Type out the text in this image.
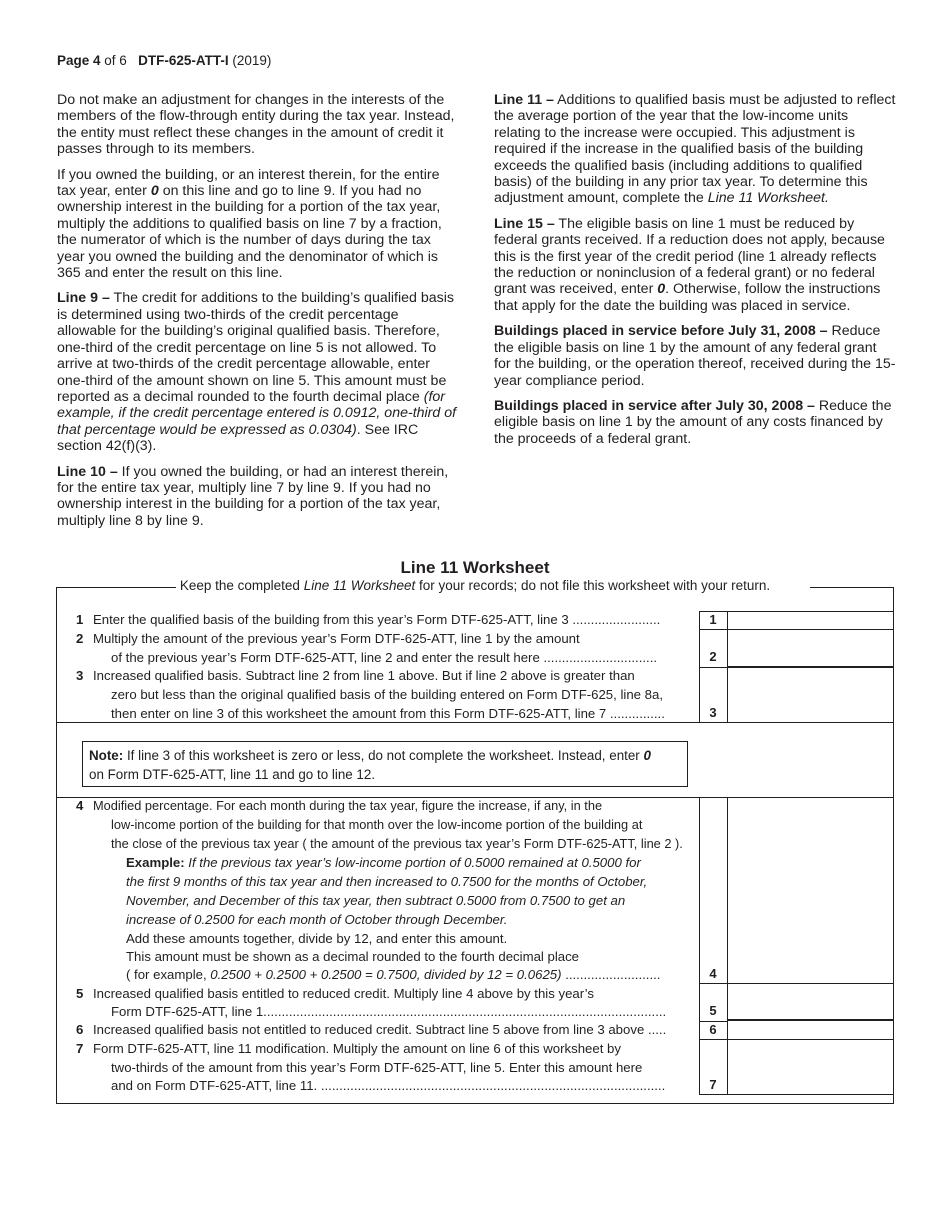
Page 4 of 6 DTF-625-ATT-I (2019)

Do not make an adjustment for changes in the interests of the members of the flow-through entity during the tax year. Instead, the entity must reflect these changes in the amount of credit it passes through to its members.

If you owned the building, or an interest therein, for the entire tax year, enter 0 on this line and go to line 9. If you had no ownership interest in the building for a portion of the tax year, multiply the additions to qualified basis on line 7 by a fraction, the numerator of which is the number of days during the tax year you owned the building and the denominator of which is 365 and enter the result on this line.

Line 9 – The credit for additions to the building’s qualified basis is determined using two-thirds of the credit percentage allowable for the building’s original qualified basis. Therefore, one-third of the credit percentage on line 5 is not allowed. To arrive at two-thirds of the credit percentage allowable, enter one-third of the amount shown on line 5. This amount must be reported as a decimal rounded to the fourth decimal place (for example, if the credit percentage entered is 0.0912, one-third of that percentage would be expressed as 0.0304). See IRC section 42(f)(3).

Line 10 – If you owned the building, or had an interest therein, for the entire tax year, multiply line 7 by line 9. If you had no ownership interest in the building for a portion of the tax year, multiply line 8 by line 9.

Line 11 – Additions to qualified basis must be adjusted to reflect the average portion of the year that the low-income units relating to the increase were occupied. This adjustment is required if the increase in the qualified basis of the building exceeds the qualified basis (including additions to qualified basis) of the building in any prior tax year. To determine this adjustment amount, complete the Line 11 Worksheet.

Line 15 – The eligible basis on line 1 must be reduced by federal grants received. If a reduction does not apply, because this is the first year of the credit period (line 1 already reflects the reduction or noninclusion of a federal grant) or no federal grant was received, enter 0. Otherwise, follow the instructions that apply for the date the building was placed in service.

Buildings placed in service before July 31, 2008 – Reduce the eligible basis on line 1 by the amount of any federal grant for the building, or the operation thereof, received during the 15-year compliance period.

Buildings placed in service after July 30, 2008 – Reduce the eligible basis on line 1 by the amount of any costs financed by the proceeds of a federal grant.

Line 11 Worksheet
Keep the completed Line 11 Worksheet for your records; do not file this worksheet with your return.
1
2
3
4
5
6
7
1 Enter the qualified basis of the building from this year’s Form DTF-625-ATT, line 3 ........................
2 Multiply the amount of the previous year’s Form DTF-625-ATT, line 1 by the amount
of the previous year’s Form DTF-625-ATT, line 2 and enter the result here ...............................
3 Increased qualified basis. Subtract line 2 from line 1 above. But if line 2 above is greater than
zero but less than the original qualified basis of the building entered on Form DTF-625, line 8a,
then enter on line 3 of this worksheet the amount from this Form DTF-625-ATT, line 7 ...............
Note: If line 3 of this worksheet is zero or less, do not complete the worksheet. Instead, enter 0
on Form DTF-625-ATT, line 11 and go to line 12.
4 Modified percentage. For each month during the tax year, figure the increase, if any, in the
low-income portion of the building for that month over the low-income portion of the building at
the close of the previous tax year ( the amount of the previous tax year’s Form DTF-625-ATT, line 2 ).
Example: If the previous tax year’s low-income portion of 0.5000 remained at 0.5000 for
the first 9 months of this tax year and then increased to 0.7500 for the months of October,
November, and December of this tax year, then subtract 0.5000 from 0.7500 to get an
increase of 0.2500 for each month of October through December.
Add these amounts together, divide by 12, and enter this amount.
This amount must be shown as a decimal rounded to the fourth decimal place
( for example, 0.2500 + 0.2500 + 0.2500 = 0.7500, divided by 12 = 0.0625) ..........................
5 Increased qualified basis entitled to reduced credit. Multiply line 4 above by this year’s
Form DTF-625-ATT, line 1..............................................................................................................
6 Increased qualified basis not entitled to reduced credit. Subtract line 5 above from line 3 above .....
7 Form DTF-625-ATT, line 11 modification. Multiply the amount on line 6 of this worksheet by
two-thirds of the amount from this year’s Form DTF-625-ATT, line 5. Enter this amount here
and on Form DTF-625-ATT, line 11. ..............................................................................................
